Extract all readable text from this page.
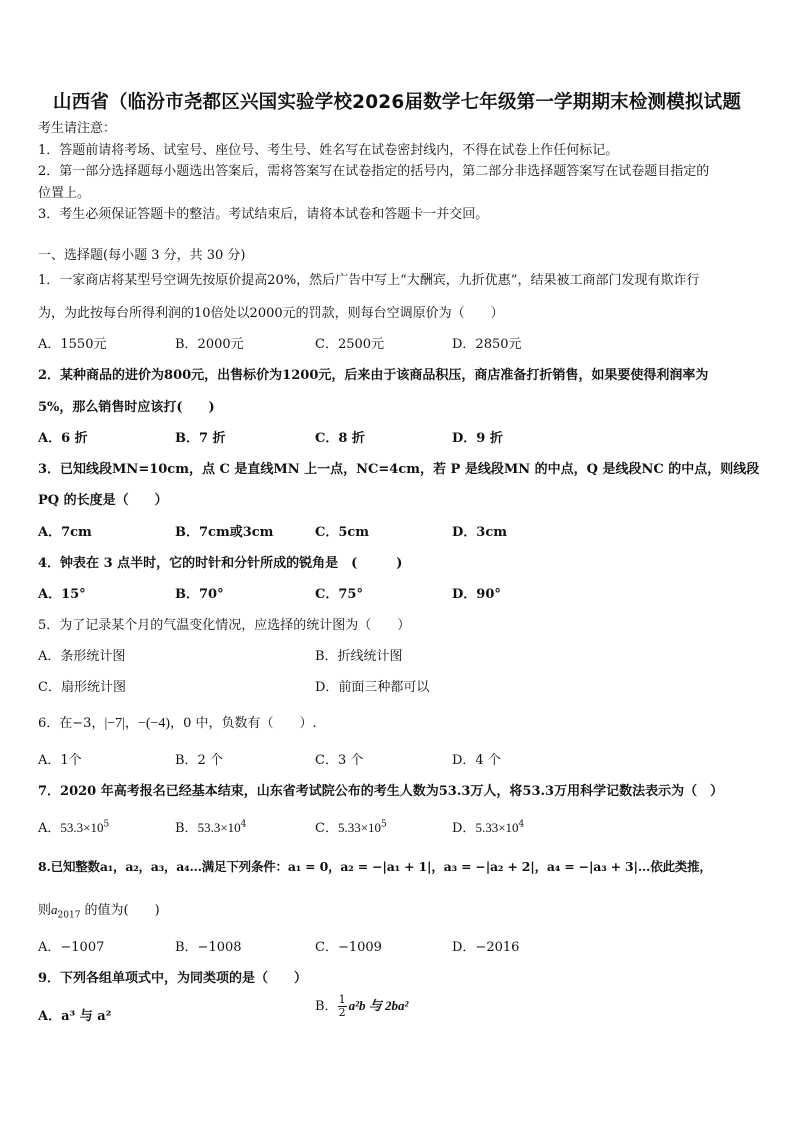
山西省（临汾市尧都区兴国实验学校2026届数学七年级第一学期期末检测模拟试题
考生请注意：
1．答题前请将考场、试室号、座位号、考生号、姓名写在试卷密封线内，不得在试卷上作任何标记。
2．第一部分选择题每小题选出答案后，需将答案写在试卷指定的括号内，第二部分非选择题答案写在试卷题目指定的
位置上。
3．考生必须保证答题卡的整洁。考试结束后，请将本试卷和答题卡一并交回。
一、选择题(每小题 3 分，共 30 分)
1．一家商店将某型号空调先按原价提高20%，然后广告中写上“大酬宾，九折优惠”，结果被工商部门发现有欺诈行
为，为此按每台所得利润的10倍处以2000元的罚款，则每台空调原价为（　　）
A．1550元	B．2000元	C．2500元	D．2850元
2．某种商品的进价为800元，出售标价为1200元，后来由于该商品积压，商店准备打折销售，如果要使得利润率为
5%，那么销售时应该打(　　)
A．6 折	B．7 折	C．8 折	D．9 折
3．已知线段MN=10cm，点 C 是直线MN 上一点，NC=4cm，若 P 是线段MN 的中点，Q 是线段NC 的中点，则线段
PQ 的长度是（　　）
A．7cm	B．7cm或3cm	C．5cm	D．3cm
4．钟表在 3 点半时，它的时针和分针所成的锐角是　(　　　)
A．15°	B．70°	C．75°	D．90°
5．为了记录某个月的气温变化情况，应选择的统计图为（　　）
A．条形统计图	B．折线统计图
C．扇形统计图	D．前面三种都可以
6．在−3，|−7|，−(−4)，0 中，负数有（　　）.
A．1个	B．2 个	C．3 个	D．4 个
7．2020 年高考报名已经基本结束，山东省考试院公布的考生人数为53.3万人，将53.3万用科学记数法表示为（　）
A．$53.3\times 10^5$	B．$53.3\times 10^4$	C．$5.33\times 10^5$	D．$5.33\times 10^4$
8.已知整数a₁，a₂，a₃，a₄…满足下列条件：a₁ = 0，a₂ = −|a₁ + 1|，a₃ = −|a₂ + 2|，a₄ = −|a₃ + 3|…依此类推，
则$a_{2017}$ 的值为(　　)
A．−1007	B．−1008	C．−1009	D．−2016
9．下列各组单项式中，为同类项的是（　　）
A．a³ 与 a²
B． $\frac{1}{2} a^2b$ 与 2ba²
